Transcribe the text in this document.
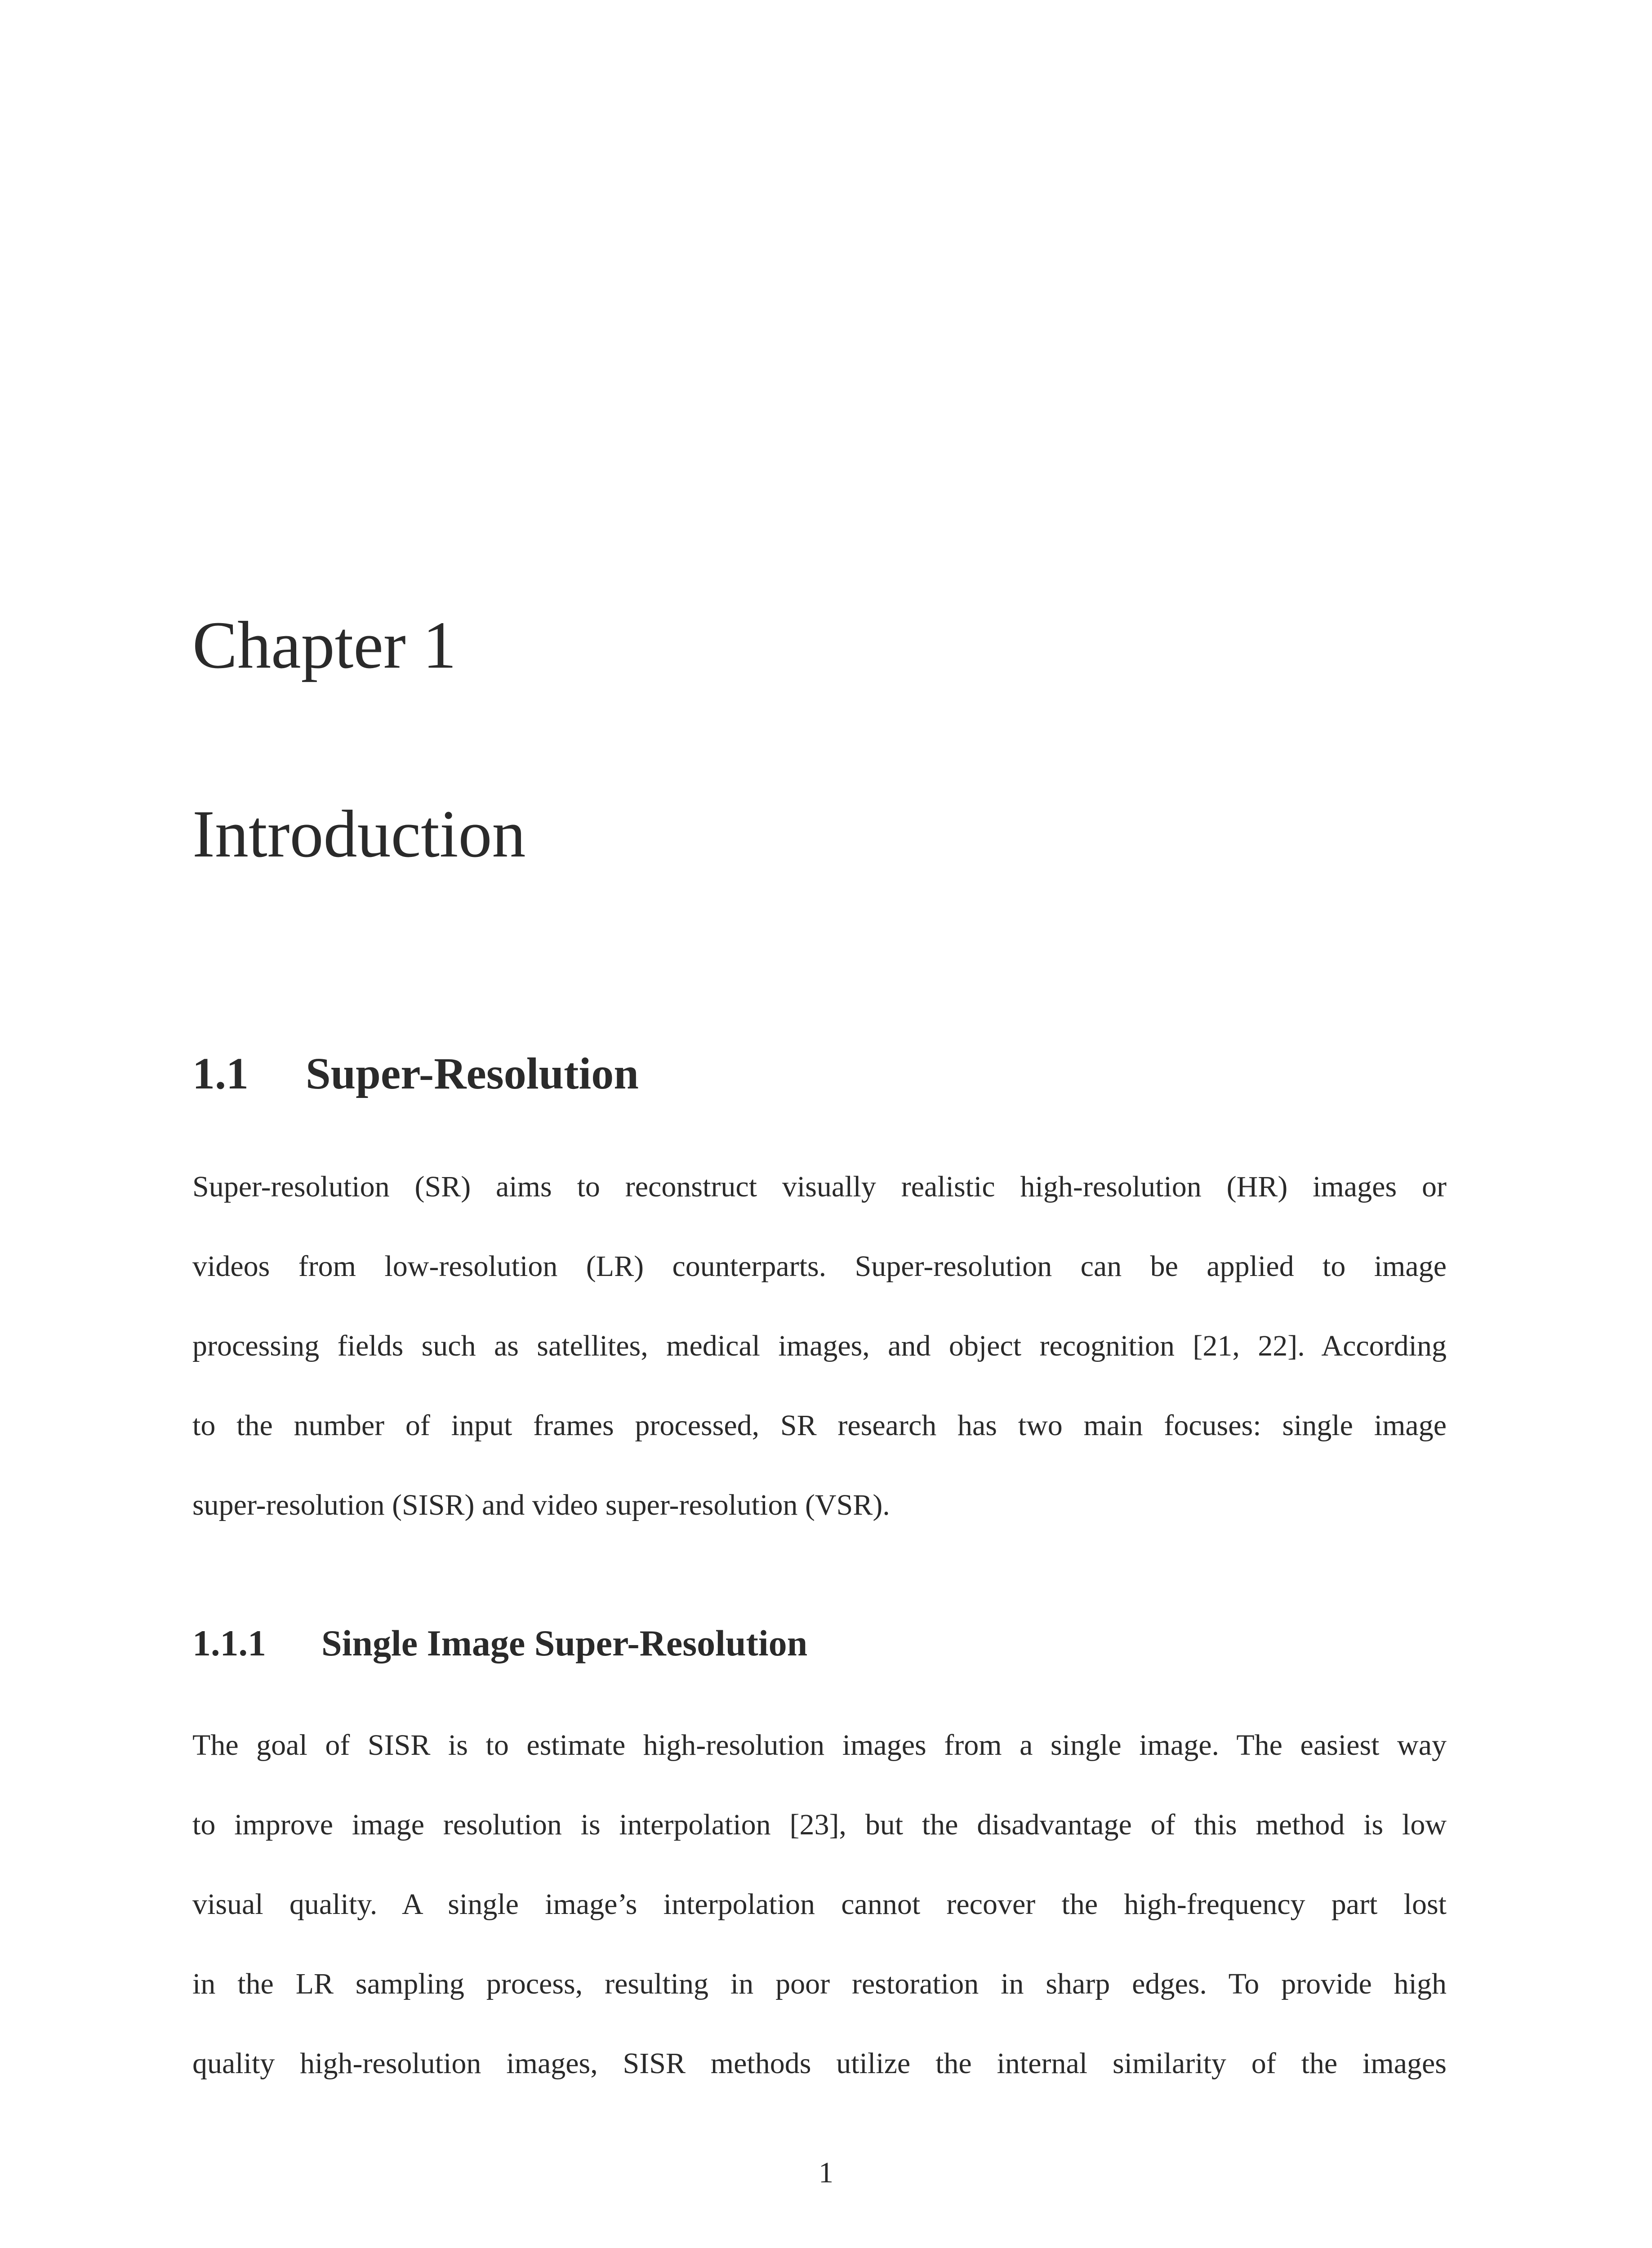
Chapter 1
Introduction
1.1 Super-Resolution
Super-resolution (SR) aims to reconstruct visually realistic high-resolution (HR) images or
videos from low-resolution (LR) counterparts. Super-resolution can be applied to image
processing fields such as satellites, medical images, and object recognition [21, 22]. According
to the number of input frames processed, SR research has two main focuses: single image
super-resolution (SISR) and video super-resolution (VSR).
1.1.1 Single Image Super-Resolution
The goal of SISR is to estimate high-resolution images from a single image. The easiest way
to improve image resolution is interpolation [23], but the disadvantage of this method is low
visual quality. A single image’s interpolation cannot recover the high-frequency part lost
in the LR sampling process, resulting in poor restoration in sharp edges. To provide high
quality high-resolution images, SISR methods utilize the internal similarity of the images
1
